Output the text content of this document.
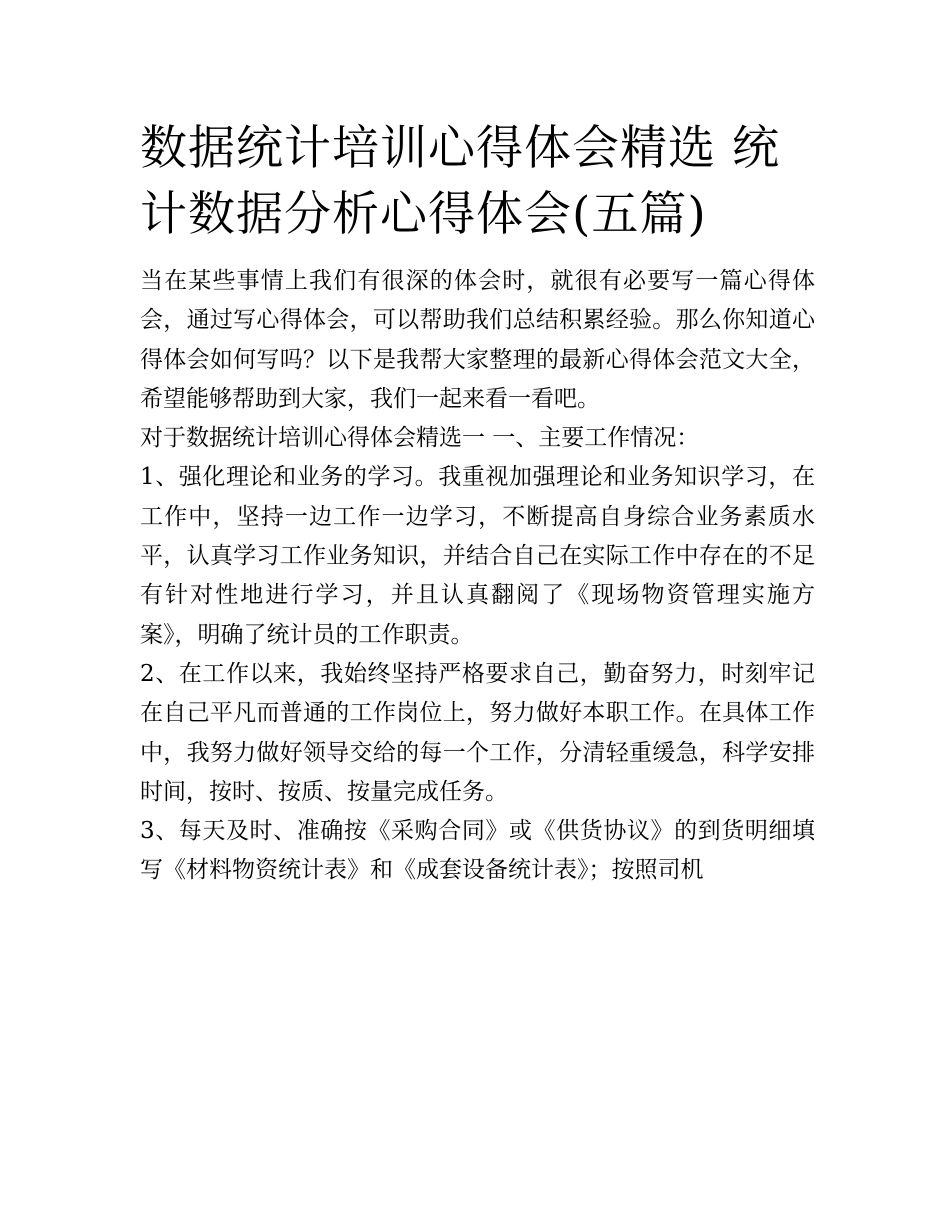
数据统计培训心得体会精选 统计数据分析心得体会(五篇)

当在某些事情上我们有很深的体会时，就很有必要写一篇心得体会，通过写心得体会，可以帮助我们总结积累经验。那么你知道心得体会如何写吗？以下是我帮大家整理的最新心得体会范文大全，希望能够帮助到大家，我们一起来看一看吧。

对于数据统计培训心得体会精选一 一、主要工作情况：

1、强化理论和业务的学习。我重视加强理论和业务知识学习，在工作中，坚持一边工作一边学习，不断提高自身综合业务素质水平，认真学习工作业务知识，并结合自己在实际工作中存在的不足有针对性地进行学习，并且认真翻阅了《现场物资管理实施方案》，明确了统计员的工作职责。

2、在工作以来，我始终坚持严格要求自己，勤奋努力，时刻牢记在自己平凡而普通的工作岗位上，努力做好本职工作。在具体工作中，我努力做好领导交给的每一个工作，分清轻重缓急，科学安排时间，按时、按质、按量完成任务。

3、每天及时、准确按《采购合同》或《供货协议》的到货明细填写《材料物资统计表》和《成套设备统计表》；按照司机
